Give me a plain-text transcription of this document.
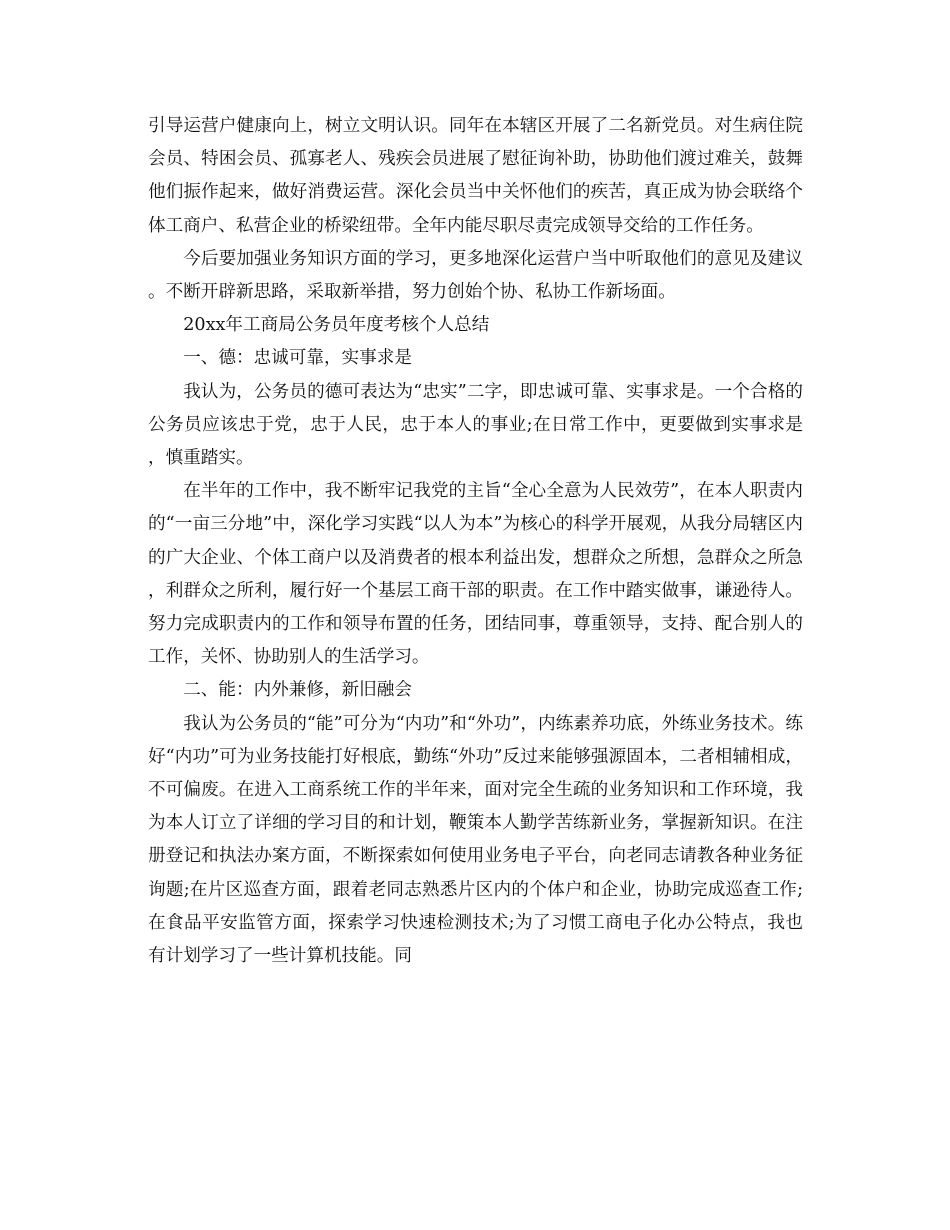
引导运营户健康向上，树立文明认识。同年在本辖区开展了二名新党员。对生病住院会员、特困会员、孤寡老人、残疾会员进展了慰征询补助，协助他们渡过难关，鼓舞他们振作起来，做好消费运营。深化会员当中关怀他们的疾苦，真正成为协会联络个体工商户、私营企业的桥梁纽带。全年内能尽职尽责完成领导交给的工作任务。

今后要加强业务知识方面的学习，更多地深化运营户当中听取他们的意见及建议。不断开辟新思路，采取新举措，努力创始个协、私协工作新场面。

20xx年工商局公务员年度考核个人总结

一、德：忠诚可靠，实事求是

我认为，公务员的德可表达为“忠实”二字，即忠诚可靠、实事求是。一个合格的公务员应该忠于党，忠于人民，忠于本人的事业;在日常工作中，更要做到实事求是，慎重踏实。

在半年的工作中，我不断牢记我党的主旨“全心全意为人民效劳”，在本人职责内的“一亩三分地”中，深化学习实践“以人为本”为核心的科学开展观，从我分局辖区内的广大企业、个体工商户以及消费者的根本利益出发，想群众之所想，急群众之所急，利群众之所利，履行好一个基层工商干部的职责。在工作中踏实做事，谦逊待人。努力完成职责内的工作和领导布置的任务，团结同事，尊重领导，支持、配合别人的工作，关怀、协助别人的生活学习。

二、能：内外兼修，新旧融会

我认为公务员的“能”可分为“内功”和“外功”，内练素养功底，外练业务技术。练好“内功”可为业务技能打好根底，勤练“外功”反过来能够强源固本，二者相辅相成，不可偏废。在进入工商系统工作的半年来，面对完全生疏的业务知识和工作环境，我为本人订立了详细的学习目的和计划，鞭策本人勤学苦练新业务，掌握新知识。在注册登记和执法办案方面，不断探索如何使用业务电子平台，向老同志请教各种业务征询题;在片区巡查方面，跟着老同志熟悉片区内的个体户和企业，协助完成巡查工作;在食品平安监管方面，探索学习快速检测技术;为了习惯工商电子化办公特点，我也有计划学习了一些计算机技能。同
